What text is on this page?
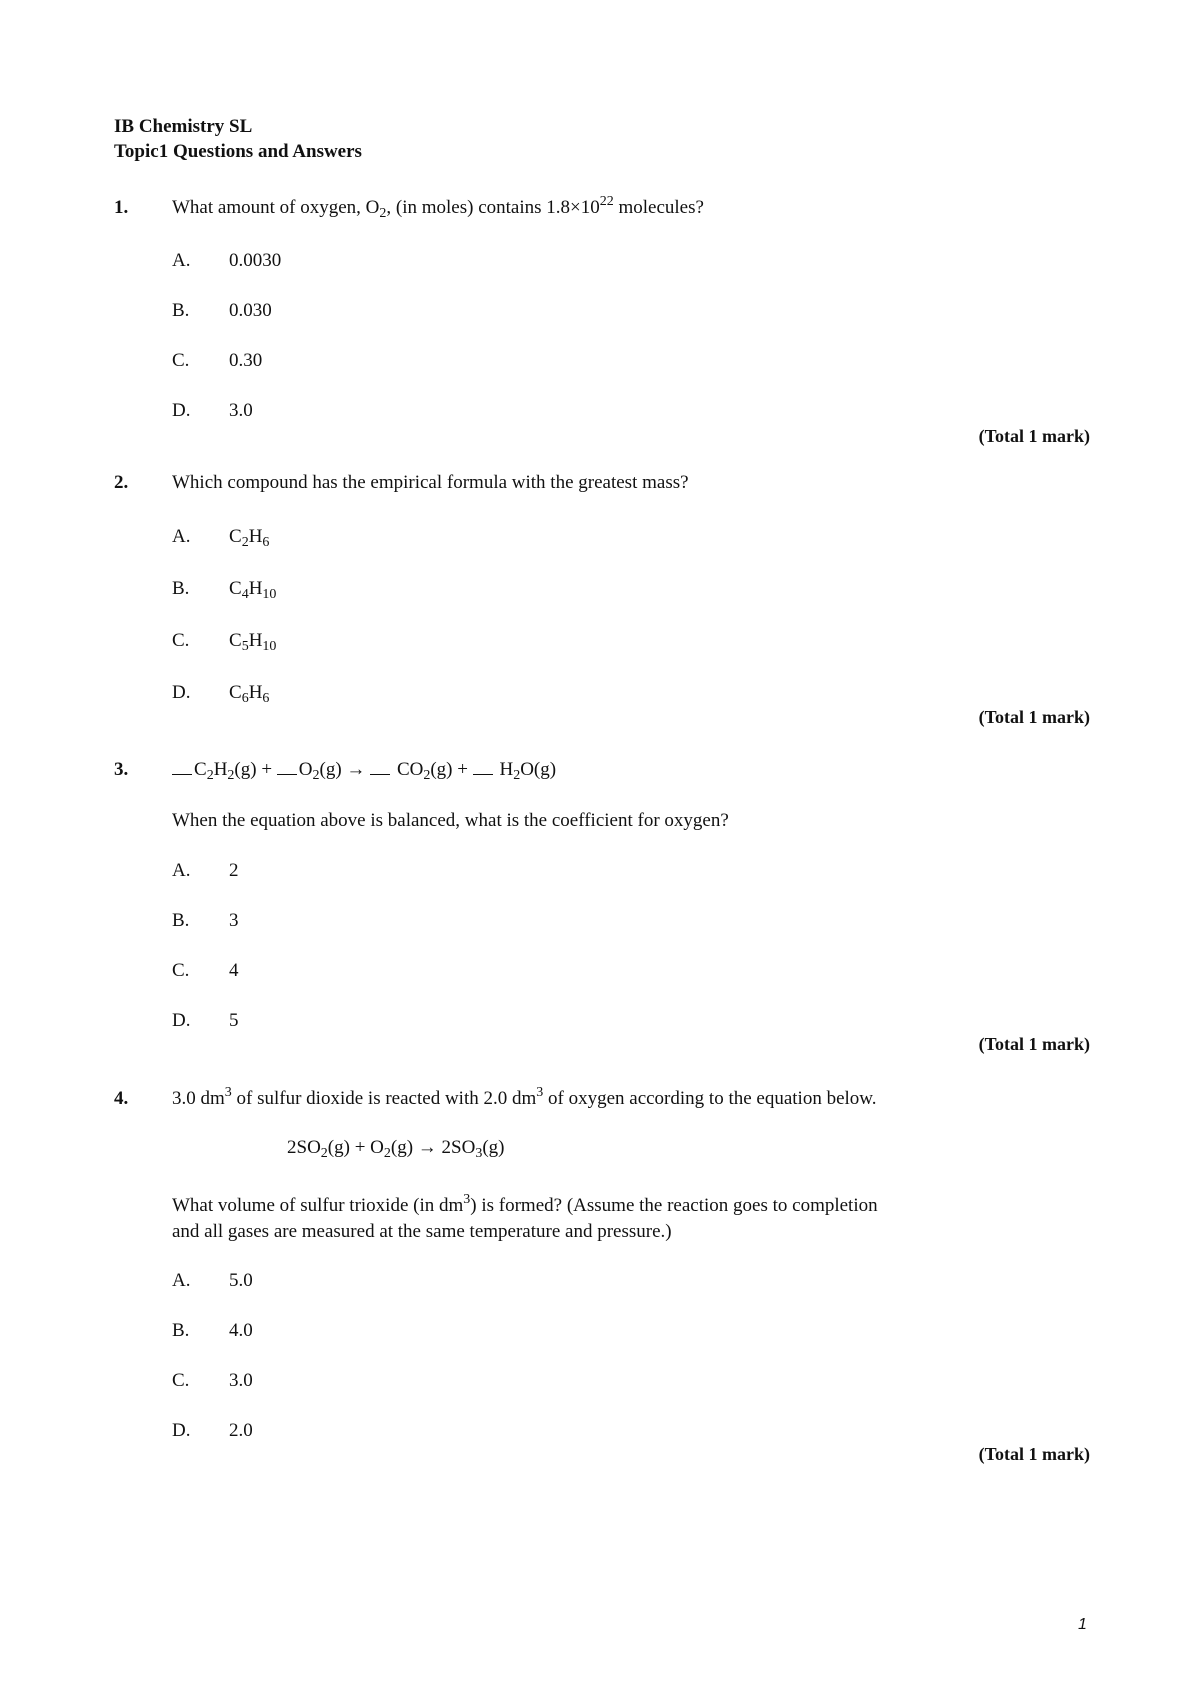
IB Chemistry SL
Topic1 Questions and Answers
1. What amount of oxygen, $O_2$, (in moles) contains $1.8\times 10^{22}$ molecules?
A. 0.0030
B. 0.030
C. 0.30
D. 3.0
(Total 1 mark)
2. Which compound has the empirical formula with the greatest mass?
A. $C_2H_6$
B. $C_4H_{10}$
C. $C_5H_{10}$
D. $C_6H_6$
(Total 1 mark)
3.	$C_2H_2(g) + O_2(g) \to CO_2(g) + H_2O(g)$
When the equation above is balanced, what is the coefficient for oxygen?
A. 2
B. 3
C. 4
D. 5
(Total 1 mark)
4. 3.0 $dm^3$ of sulfur dioxide is reacted with 2.0 $dm^3$ of oxygen according to the equation below.
$2SO_2(g) + O_2(g) \to 2SO_3(g)$
What volume of sulfur trioxide (in $dm^3$) is formed? (Assume the reaction goes to completion
and all gases are measured at the same temperature and pressure.)
A. 5.0
B. 4.0
C. 3.0
D. 2.0
(Total 1 mark)
1
